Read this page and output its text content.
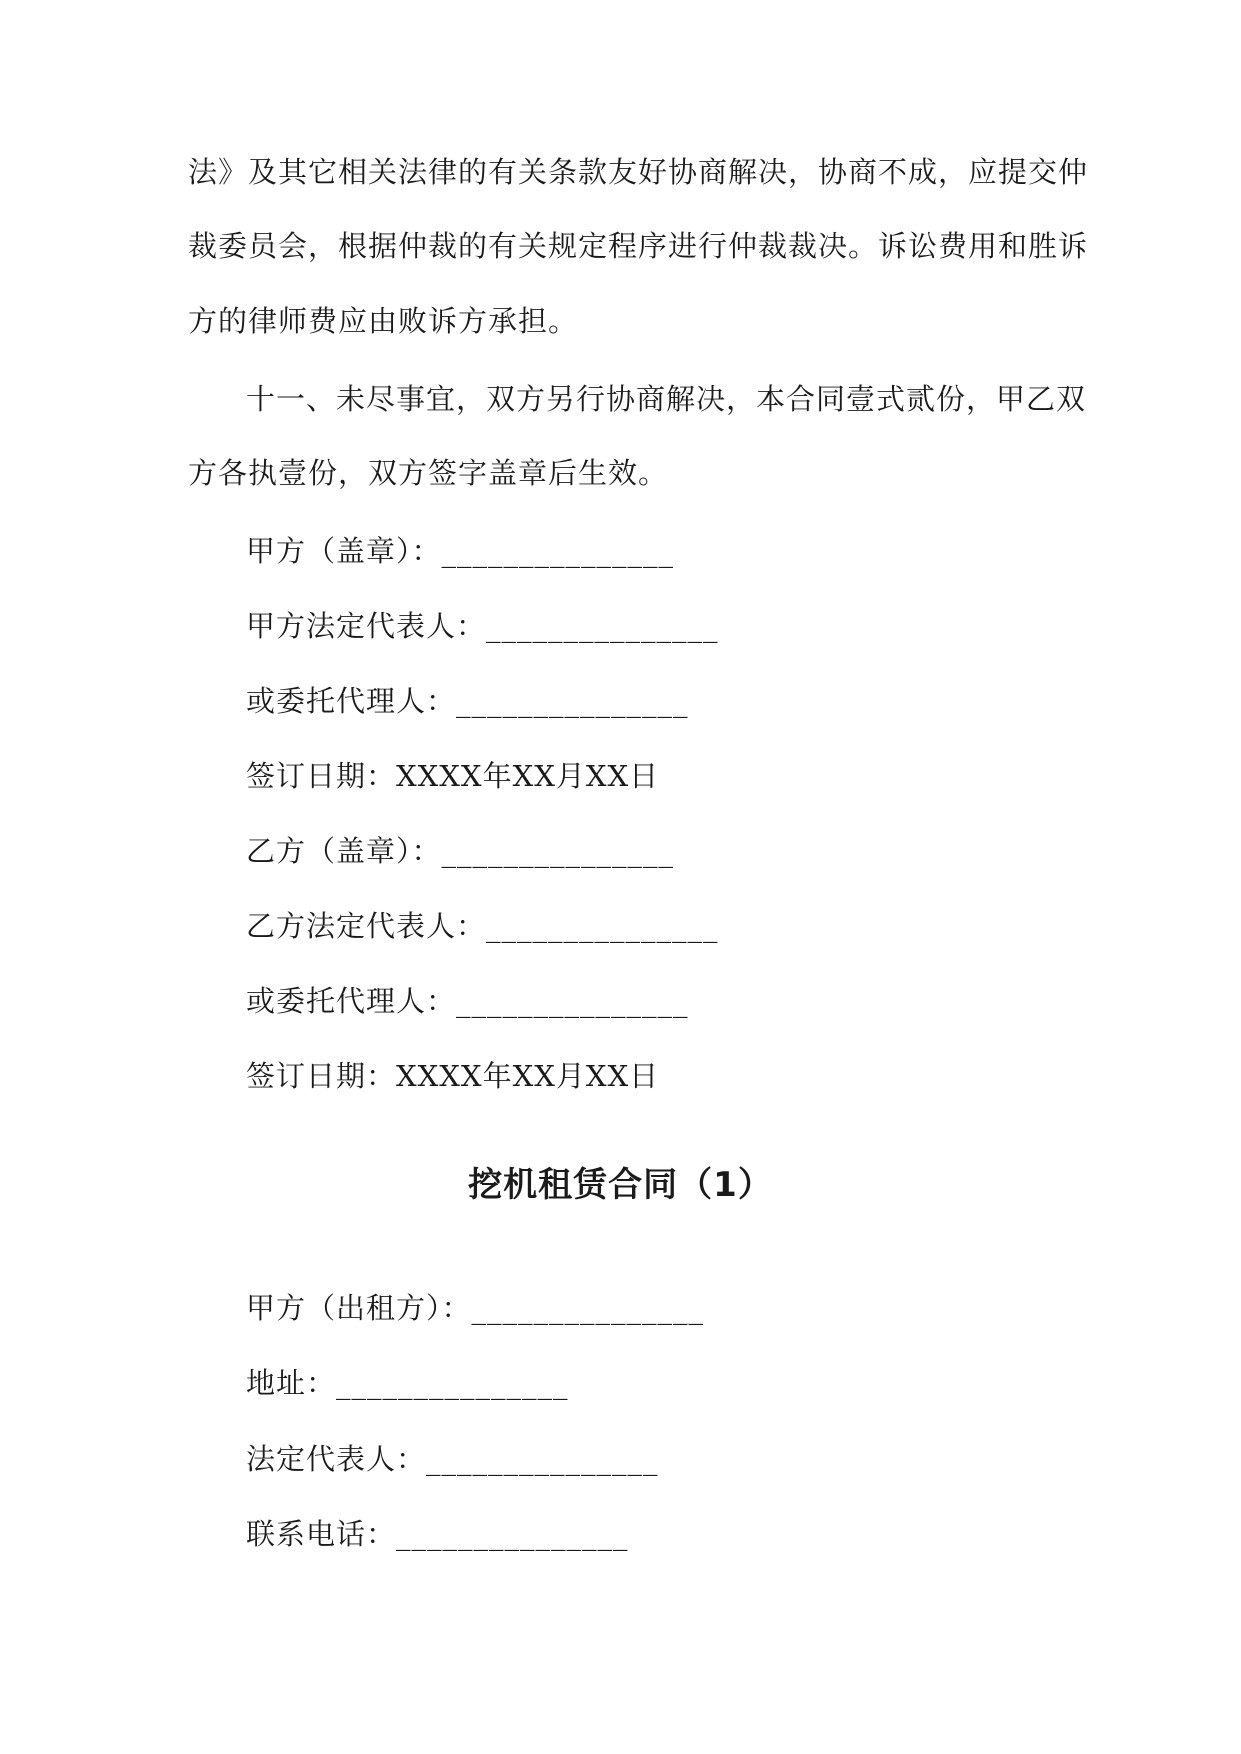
法》及其它相关法律的有关条款友好协商解决，协商不成，应提交仲
裁委员会，根据仲裁的有关规定程序进行仲裁裁决。诉讼费用和胜诉
方的律师费应由败诉方承担。
十一、未尽事宜，双方另行协商解决，本合同壹式贰份，甲乙双
方各执壹份，双方签字盖章后生效。
甲方（盖章）：_______________
甲方法定代表人：_______________
或委托代理人：_______________
签订日期：XXXX年XX月XX日
乙方（盖章）：_______________
乙方法定代表人：_______________
或委托代理人：_______________
签订日期：XXXX年XX月XX日
挖机租赁合同（1）
甲方（出租方）：_______________
地址：_______________
法定代表人：_______________
联系电话：_______________
